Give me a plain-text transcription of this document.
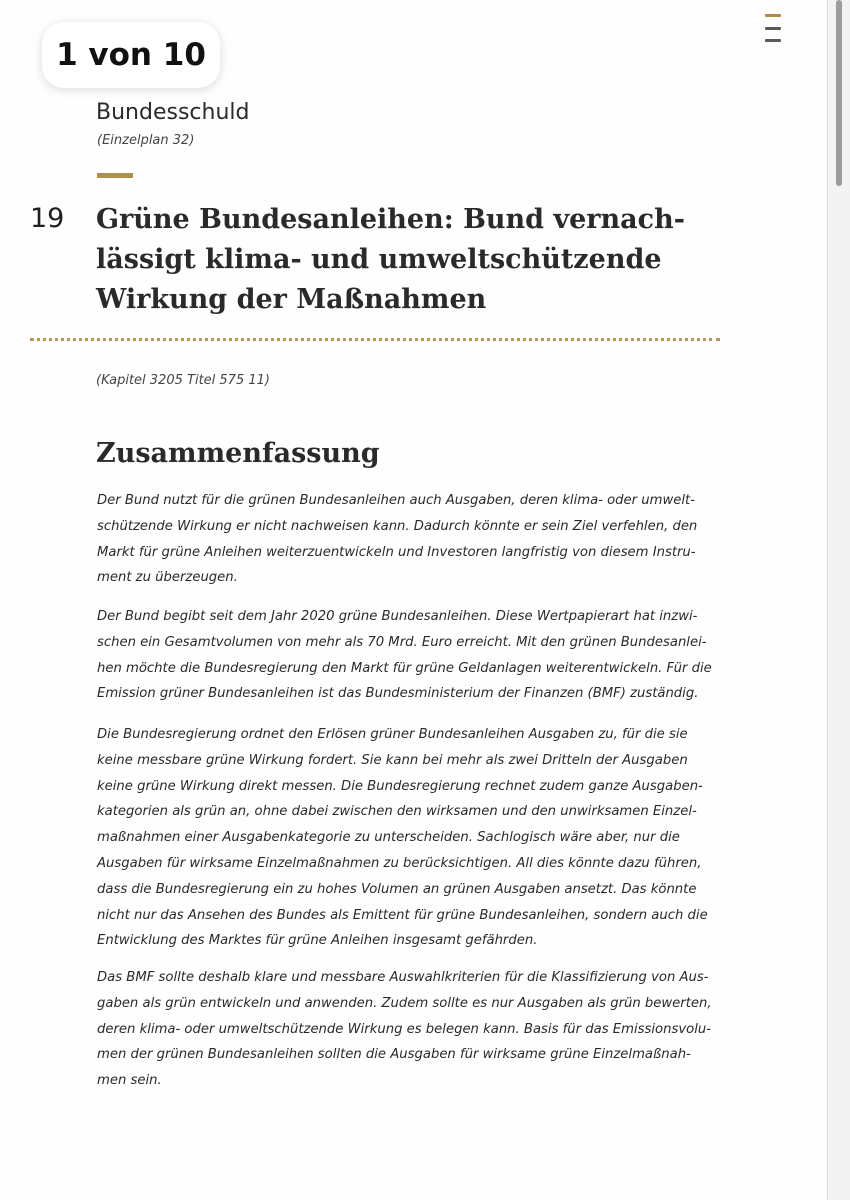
1 von 10
Bundesschuld
(Einzelplan 32)
19 Grüne Bundesanleihen: Bund vernach-
lässigt klima- und umweltschützende
Wirkung der Maßnahmen
(Kapitel 3205 Titel 575 11)
Zusammenfassung
Der Bund nutzt für die grünen Bundesanleihen auch Ausgaben, deren klima- oder umwelt-
schützende Wirkung er nicht nachweisen kann. Dadurch könnte er sein Ziel verfehlen, den
Markt für grüne Anleihen weiterzuentwickeln und Investoren langfristig von diesem Instru-
ment zu überzeugen.
Der Bund begibt seit dem Jahr 2020 grüne Bundesanleihen. Diese Wertpapierart hat inzwi-
schen ein Gesamtvolumen von mehr als 70 Mrd. Euro erreicht. Mit den grünen Bundesanlei-
hen möchte die Bundesregierung den Markt für grüne Geldanlagen weiterentwickeln. Für die
Emission grüner Bundesanleihen ist das Bundesministerium der Finanzen (BMF) zuständig.
Die Bundesregierung ordnet den Erlösen grüner Bundesanleihen Ausgaben zu, für die sie
keine messbare grüne Wirkung fordert. Sie kann bei mehr als zwei Dritteln der Ausgaben
keine grüne Wirkung direkt messen. Die Bundesregierung rechnet zudem ganze Ausgaben-
kategorien als grün an, ohne dabei zwischen den wirksamen und den unwirksamen Einzel-
maßnahmen einer Ausgabenkategorie zu unterscheiden. Sachlogisch wäre aber, nur die
Ausgaben für wirksame Einzelmaßnahmen zu berücksichtigen. All dies könnte dazu führen,
dass die Bundesregierung ein zu hohes Volumen an grünen Ausgaben ansetzt. Das könnte
nicht nur das Ansehen des Bundes als Emittent für grüne Bundesanleihen, sondern auch die
Entwicklung des Marktes für grüne Anleihen insgesamt gefährden.
Das BMF sollte deshalb klare und messbare Auswahlkriterien für die Klassifizierung von Aus-
gaben als grün entwickeln und anwenden. Zudem sollte es nur Ausgaben als grün bewerten,
deren klima- oder umweltschützende Wirkung es belegen kann. Basis für das Emissionsvolu-
men der grünen Bundesanleihen sollten die Ausgaben für wirksame grüne Einzelmaßnah-
men sein.
